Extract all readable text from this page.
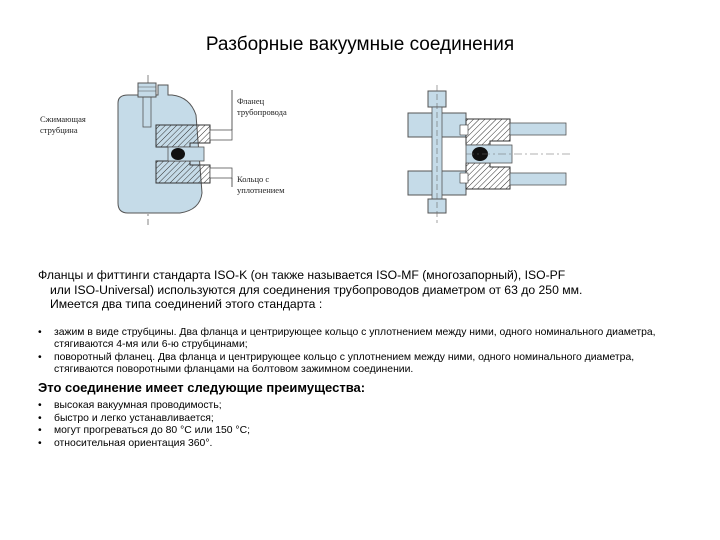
Разборные вакуумные соединения
Сжимающая
струбцина
Фланец
трубопровода
Кольцо с
уплотнением
Фланцы и фиттинги стандарта ISO-K (он также называется ISO-MF (многозапорный), ISO-PF
или ISO-Universal) используются для соединения трубопроводов диаметром от 63 до 250 мм.
Имеется два типа соединений этого стандарта :
• зажим в виде струбцины. Два фланца и центрирующее кольцо с уплотнением между ними, одного номинального диаметра, стягиваются 4-мя или 6-ю струбцинами;
• поворотный фланец. Два фланца и центрирующее кольцо с уплотнением между ними, одного номинального диаметра, стягиваются поворотными фланцами на болтовом зажимном соединении.
Это соединение имеет следующие преимущества:
• высокая вакуумная проводимость;
• быстро и легко устанавливается;
• могут прогреваться до 80 °C или 150 °C;
• относительная ориентация 360°.
